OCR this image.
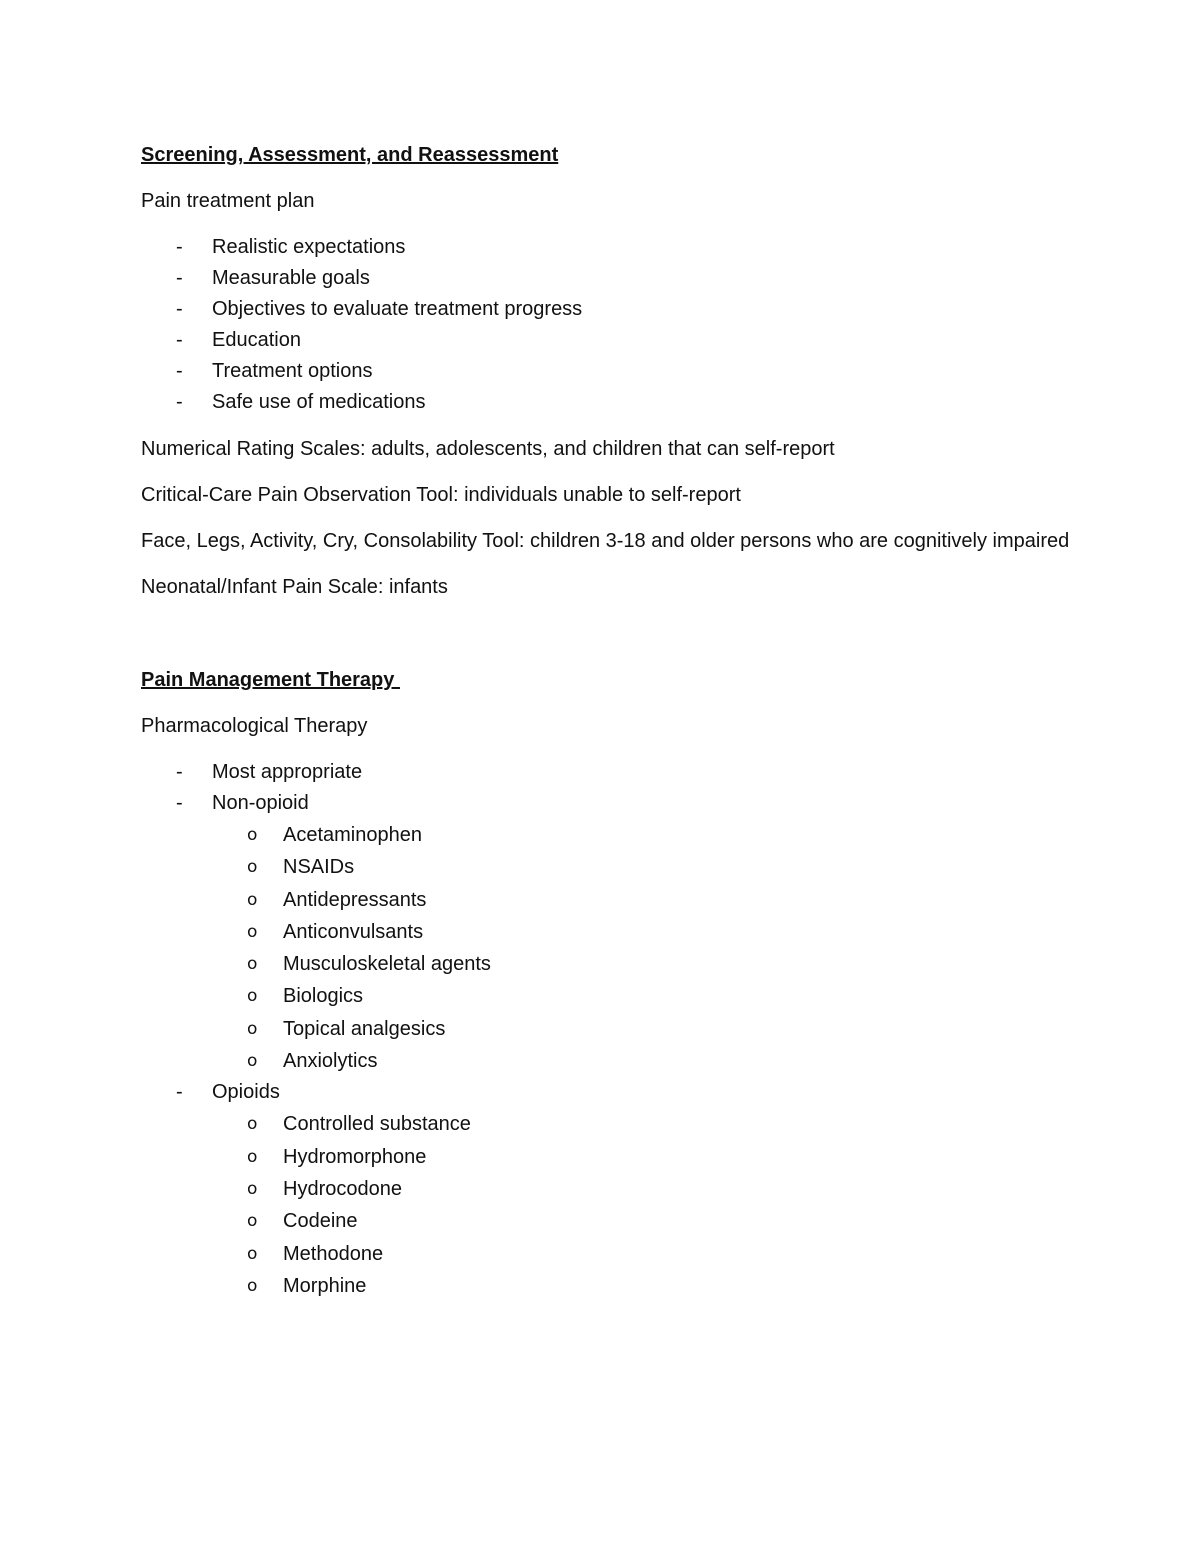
Screening, Assessment, and Reassessment
Pain treatment plan
- Realistic expectations
- Measurable goals
- Objectives to evaluate treatment progress
- Education
- Treatment options
- Safe use of medications
Numerical Rating Scales: adults, adolescents, and children that can self-report
Critical-Care Pain Observation Tool: individuals unable to self-report
Face, Legs, Activity, Cry, Consolability Tool: children 3-18 and older persons who are cognitively impaired
Neonatal/Infant Pain Scale: infants
Pain Management Therapy
Pharmacological Therapy
- Most appropriate
- Non-opioid
o Acetaminophen
o NSAIDs
o Antidepressants
o Anticonvulsants
o Musculoskeletal agents
o Biologics
o Topical analgesics
o Anxiolytics
- Opioids
o Controlled substance
o Hydromorphone
o Hydrocodone
o Codeine
o Methodone
o Morphine
